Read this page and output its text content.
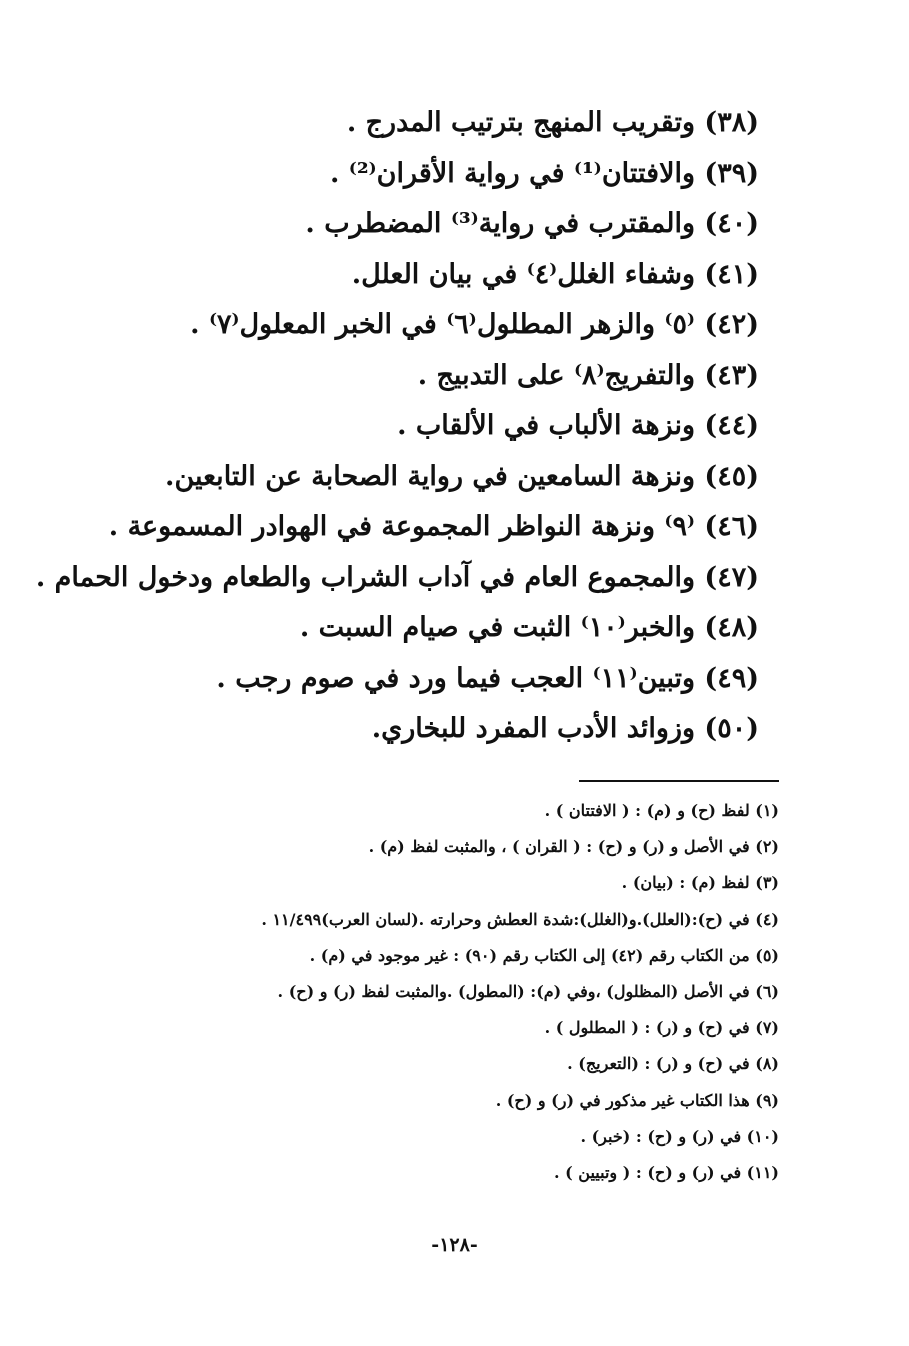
(٣٨) وتقريب المنهج بترتيب المدرج .
(٣٩) والافتتان⁽¹⁾ في رواية الأقران⁽²⁾ .
(٤٠) والمقترب في رواية⁽³⁾ المضطرب .
(٤١) وشفاء الغلل⁽٤⁾ في بيان العلل.
(٤٢) ⁽٥⁾ والزهر المطلول⁽٦⁾ في الخبر المعلول⁽٧⁾ .
(٤٣) والتفريج⁽٨⁾ على التدبيج .
(٤٤) ونزهة الألباب في الألقاب .
(٤٥) ونزهة السامعين في رواية الصحابة عن التابعين.
(٤٦) ⁽٩⁾ ونزهة النواظر المجموعة في الهوادر المسموعة .
(٤٧) والمجموع العام في آداب الشراب والطعام ودخول الحمام .
(٤٨) والخبر⁽١٠⁾ الثبت في صيام السبت .
(٤٩) وتبين⁽١١⁾ العجب فيما ورد في صوم رجب .
(٥٠) وزوائد الأدب المفرد للبخاري.
(١) لفظ (ح) و (م) : ( الافتتان ) .
(٢) في الأصل و (ر) و (ح) : ( القران ) ، والمثبت لفظ (م) .
(٣) لفظ (م) : (بيان) .
(٤) في (ح):(العلل).و(الغلل):شدة العطش وحرارته .(لسان العرب)١١/٤٩٩ .
(٥) من الكتاب رقم (٤٢) إلى الكتاب رقم (٩٠) : غير موجود في (م) .
(٦) في الأصل (المظلول) ،وفي (م): (المطول) .والمثبت لفظ (ر) و (ح) .
(٧) في (ح) و (ر) : ( المطلول ) .
(٨) في (ح) و (ر) : (التعريج) .
(٩) هذا الكتاب غير مذكور في (ر) و (ح) .
(١٠) في (ر) و (ح) : (خبر) .
(١١) في (ر) و (ح) : ( وتبيين ) .
-١٢٨-
